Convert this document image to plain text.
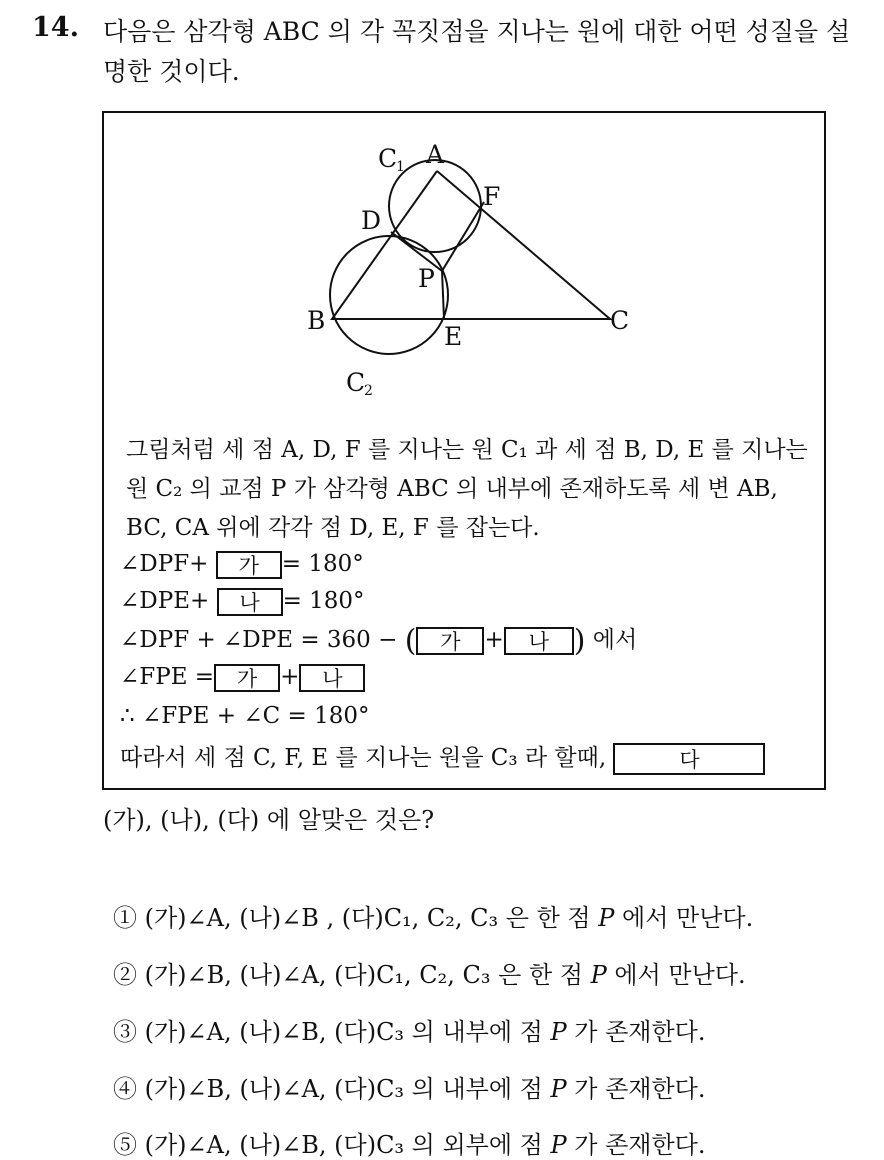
14. 다음은 삼각형 ABC 의 각 꼭짓점을 지나는 원에 대한 어떤 성질을 설명한 것이다.
C
1 A
F
D
P
B
E
C
C
2
그림처럼 세 점 A, D, F 를 지나는 원 C₁ 과 세 점 B, D, E 를 지나는 원 C₂ 의 교점 P 가 삼각형 ABC 의 내부에 존재하도록 세 변 AB, BC, CA 위에 각각 점 D, E, F 를 잡는다.
∠DPF+ 가 = 180°
∠DPE+ 나 = 180°
∠DPF + ∠DPE = 360 − ( 가 + 나 ) 에서
∠FPE = 가 + 나
∴ ∠FPE + ∠C = 180°
따라서 세 점 C, F, E 를 지나는 원을 C₃ 라 할때,	다
(가), (나), (다) 에 알맞은 것은?
① (가)∠A, (나)∠B , (다)C₁, C₂, C₃ 은 한 점 P 에서 만난다.
② (가)∠B, (나)∠A, (다)C₁, C₂, C₃ 은 한 점 P 에서 만난다.
③ (가)∠A, (나)∠B, (다)C₃ 의 내부에 점 P 가 존재한다.
④ (가)∠B, (나)∠A, (다)C₃ 의 내부에 점 P 가 존재한다.
⑤ (가)∠A, (나)∠B, (다)C₃ 의 외부에 점 P 가 존재한다.
